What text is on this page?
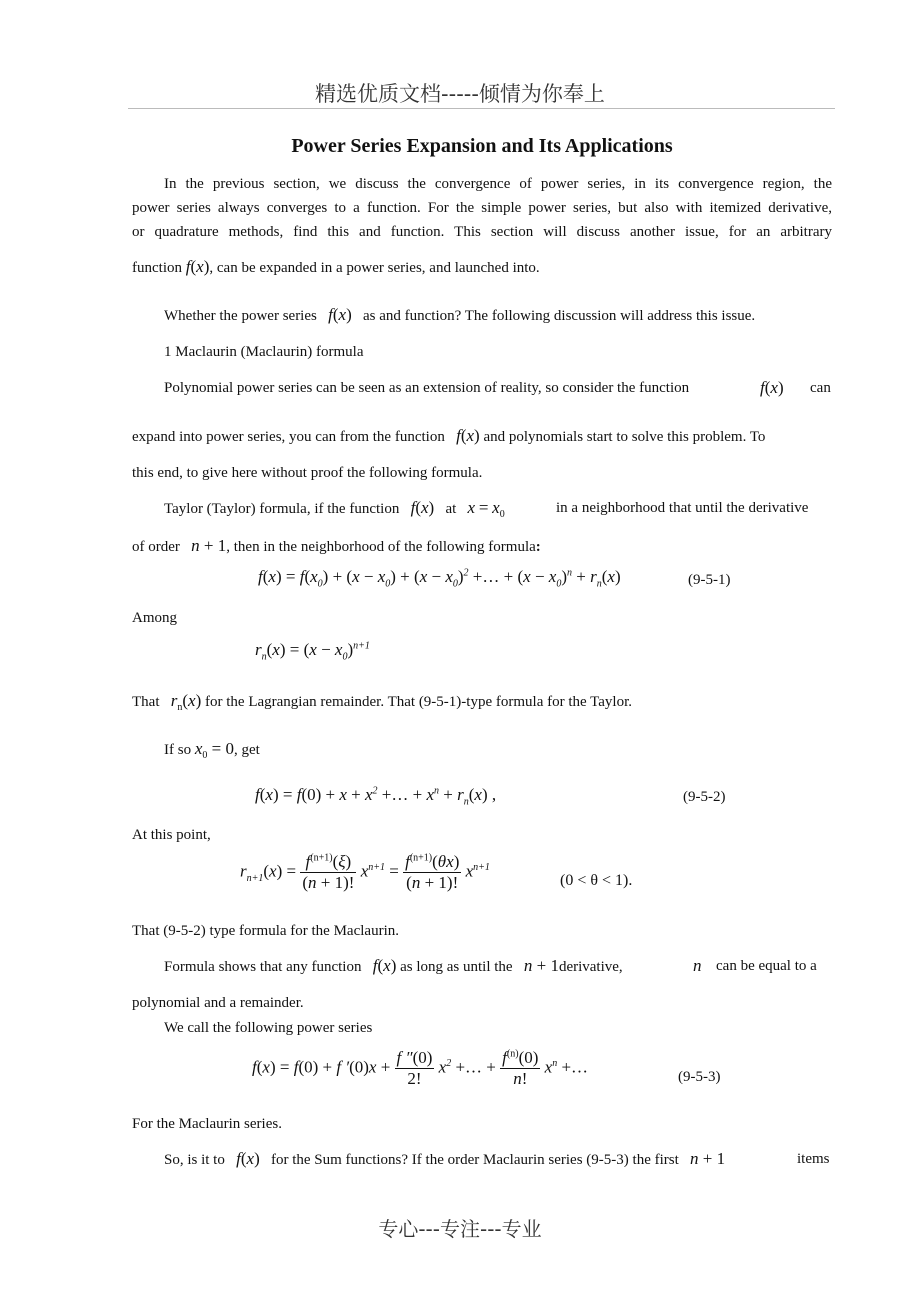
精选优质文档-----倾情为你奉上
Power Series Expansion and Its Applications
In the previous section, we discuss the convergence of power series, in its convergence region, the
power series always converges to a function. For the simple power series, but also with itemized derivative,
or quadrature methods, find this and function. This section will discuss another issue, for an arbitrary
function f(x), can be expanded in a power series, and launched into.
Whether the power series f(x) as and function? The following discussion will address this issue.
1 Maclaurin (Maclaurin) formula
Polynomial power series can be seen as an extension of reality, so consider the function	f(x) can
expand into power series, you can from the function f(x) and polynomials start to solve this problem. To
this end, to give here without proof the following formula.
Taylor (Taylor) formula, if the function f(x) at $x = x_0$	in a neighborhood that until the derivative
of order n + 1, then in the neighborhood of the following formula:
$f(x) = f(x_0) + (x - x_0) + (x - x_0)^2$ +… + $(x - x_0)^n + r_n(x)$	(9-5-1)
Among
$r_n(x) = (x - x_0)^{n+1}$
That $r_n(x)$ for the Lagrangian remainder. That (9-5-1)-type formula for the Taylor.
If so $x_0 = 0$, get
$f(x) = f(0) + x + x^2$ +… + $x^n + r_n(x)$ ,	(9-5-2)
At this point,
$r_{n+1}(x) = \frac{f^{(n+1)}(\xi)}{(n + 1)!} x^{n+1} = \frac{f^{(n+1)}(\theta x)}{(n + 1)!} x^{n+1}$
(0 < θ < 1).
That (9-5-2) type formula for the Maclaurin.
Formula shows that any function f(x) as long as until the n + 1derivative,	n can be equal to a
polynomial and a remainder.
We call the following power series
f(x) = f(0) + f $'(0)x + \frac{f ''(0)}{2!} x^2$ +… + $\frac{f^{(n)}(0)}{n!} x^n$ +…
(9-5-3)
For the Maclaurin series.
So, is it to f(x) for the Sum functions? If the order Maclaurin series (9-5-3) the first n + 1	items
专心---专注---专业
